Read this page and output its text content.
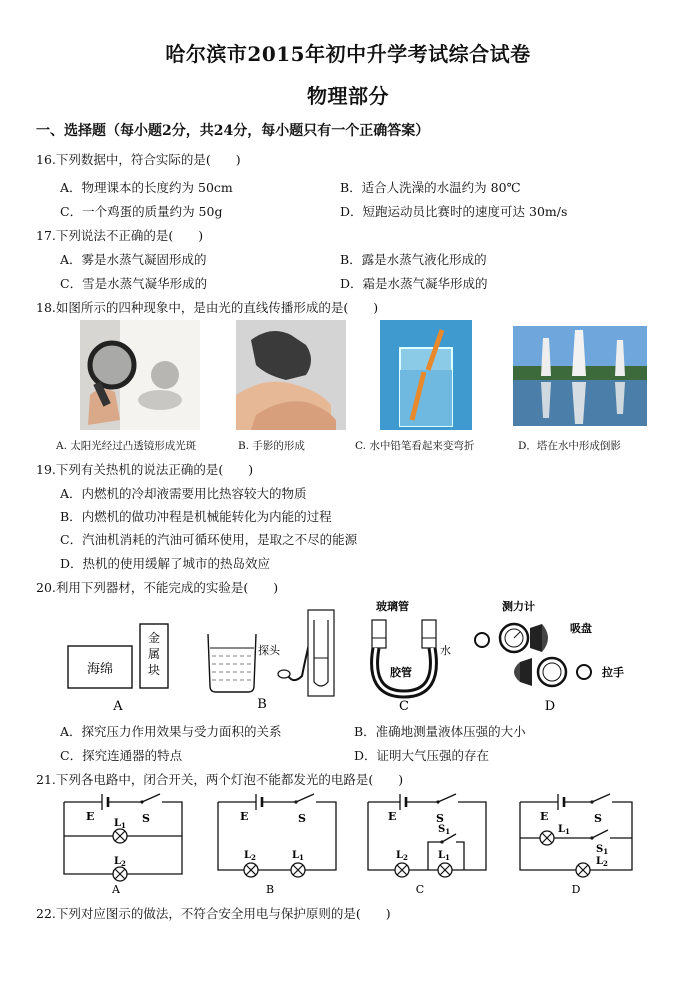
哈尔滨市2015年初中升学考试综合试卷
物理部分
一、选择题（每小题2分，共24分，每小题只有一个正确答案）
16.下列数据中，符合实际的是(　　)
A．物理课本的长度约为 50cm	B．适合人洗澡的水温约为 80℃
C．一个鸡蛋的质量约为 50g	D．短跑运动员比赛时的速度可达 30m/s
17.下列说法不正确的是(　　)
A．雾是水蒸气凝固形成的	B．露是水蒸气液化形成的
C．雪是水蒸气凝华形成的	D．霜是水蒸气凝华形成的
18.如图所示的四种现象中，是由光的直线传播形成的是(　　)
A. 太阳光经过凸透镜形成光斑	B. 手影的形成	C. 水中铅笔看起来变弯折	D．塔在水中形成倒影
19.下列有关热机的说法正确的是(　　)
A．内燃机的冷却液需要用比热容较大的物质
B．内燃机的做功冲程是机械能转化为内能的过程
C．汽油机消耗的汽油可循环使用，是取之不尽的能源
D．热机的使用缓解了城市的热岛效应
20.利用下列器材，不能完成的实验是(　　)
海绵
金
属
块
A
探头
B
玻璃管
水
胶管
C
测力计
吸盘
拉手
D
A．探究压力作用效果与受力面积的关系	B．准确地测量液体压强的大小
C．探究连通器的特点	D．证明大气压强的存在
21.下列各电路中，闭合开关，两个灯泡不能都发光的电路是(　　)
E	S
$L_1$
$L_2$
A
E	S
$L_2$	$L_1$
B
E	S
$S_1$
$L_2$	$L_1$
C
E	S
$L_1$
$S_1$
$L_2$
D
22.下列对应图示的做法，不符合安全用电与保护原则的是(　　)
